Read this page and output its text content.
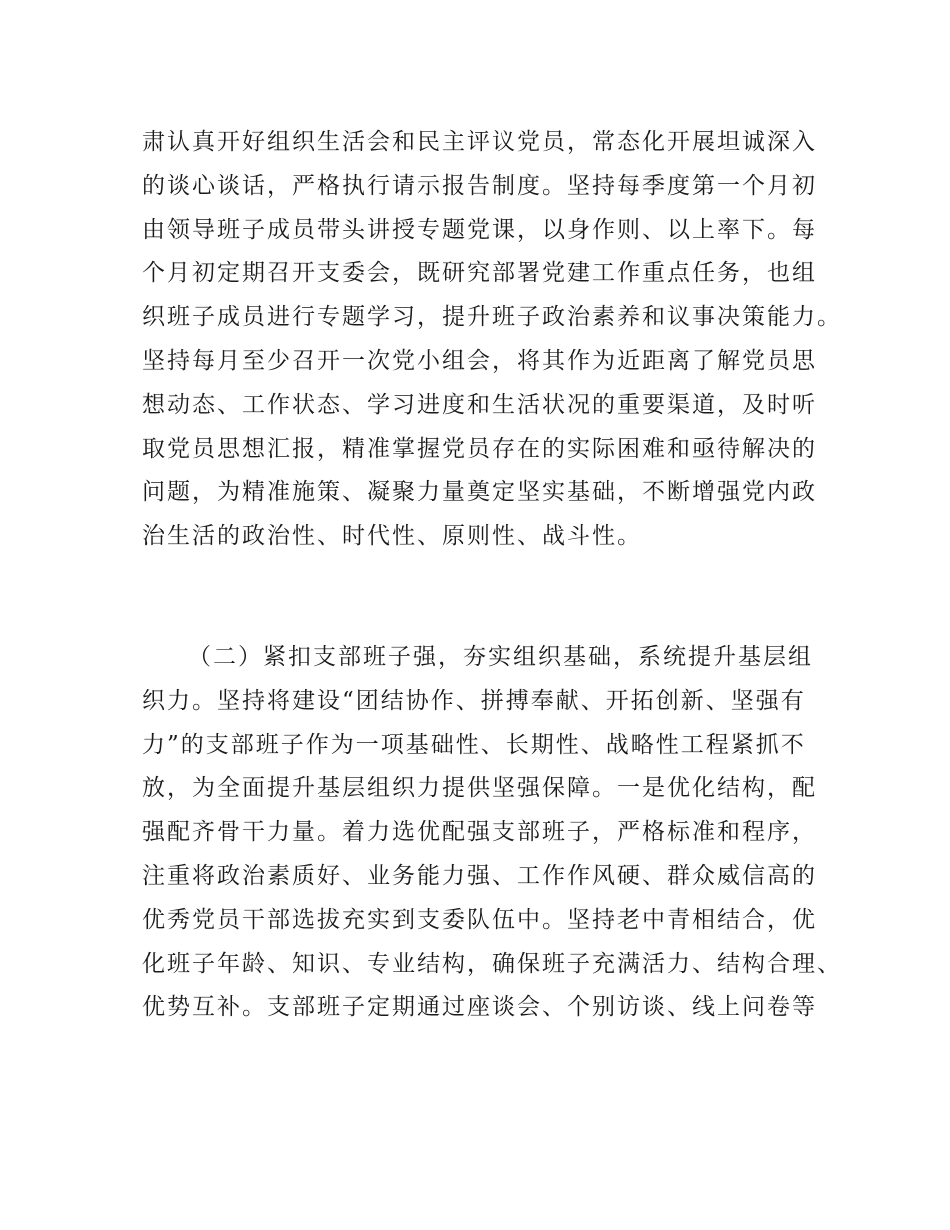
肃认真开好组织生活会和民主评议党员，常态化开展坦诚深入
的谈心谈话，严格执行请示报告制度。坚持每季度第一个月初
由领导班子成员带头讲授专题党课，以身作则、以上率下。每
个月初定期召开支委会，既研究部署党建工作重点任务，也组
织班子成员进行专题学习，提升班子政治素养和议事决策能力。
坚持每月至少召开一次党小组会，将其作为近距离了解党员思
想动态、工作状态、学习进度和生活状况的重要渠道，及时听
取党员思想汇报，精准掌握党员存在的实际困难和亟待解决的
问题，为精准施策、凝聚力量奠定坚实基础，不断增强党内政
治生活的政治性、时代性、原则性、战斗性。
（二）紧扣支部班子强，夯实组织基础，系统提升基层组
织力。坚持将建设“团结协作、拼搏奉献、开拓创新、坚强有
力”的支部班子作为一项基础性、长期性、战略性工程紧抓不
放，为全面提升基层组织力提供坚强保障。一是优化结构，配
强配齐骨干力量。着力选优配强支部班子，严格标准和程序，
注重将政治素质好、业务能力强、工作作风硬、群众威信高的
优秀党员干部选拔充实到支委队伍中。坚持老中青相结合，优
化班子年龄、知识、专业结构，确保班子充满活力、结构合理、
优势互补。支部班子定期通过座谈会、个别访谈、线上问卷等
